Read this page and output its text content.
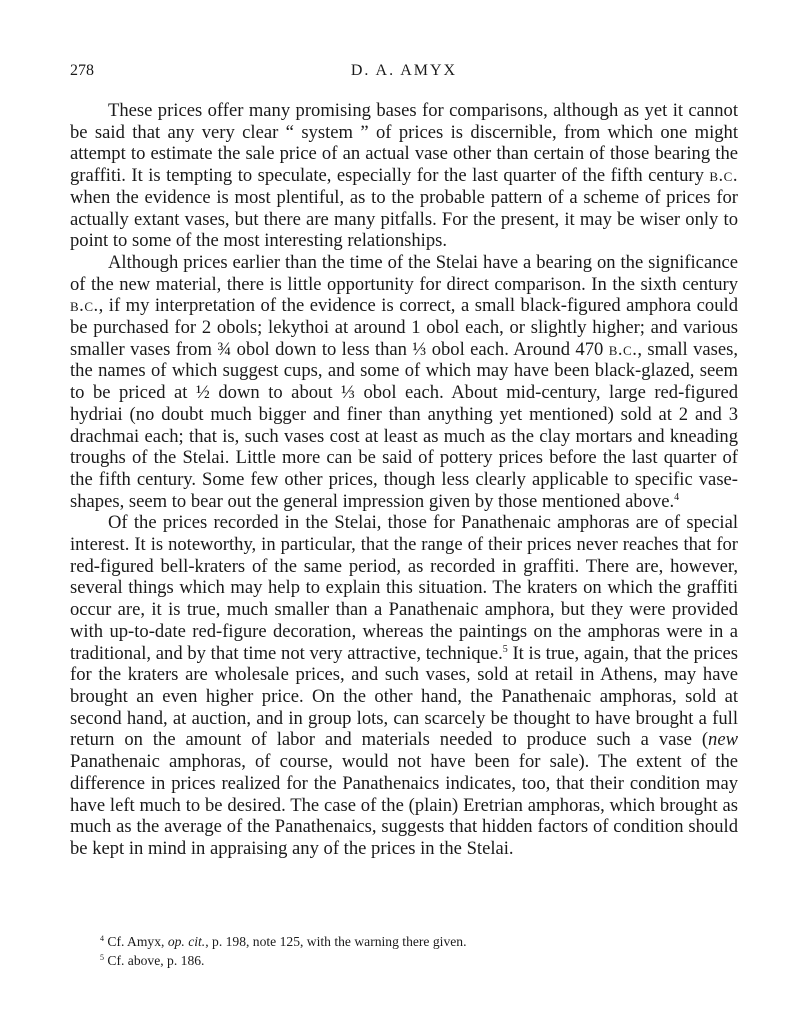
278	D. A. AMYX

These prices offer many promising bases for comparisons, although as yet it cannot be said that any very clear “ system ” of prices is discernible, from which one might attempt to estimate the sale price of an actual vase other than certain of those bearing the graffiti. It is tempting to speculate, especially for the last quarter of the fifth century b.c. when the evidence is most plentiful, as to the probable pattern of a scheme of prices for actually extant vases, but there are many pitfalls. For the present, it may be wiser only to point to some of the most interesting relationships.

Although prices earlier than the time of the Stelai have a bearing on the significance of the new material, there is little opportunity for direct comparison. In the sixth century b.c., if my interpretation of the evidence is correct, a small black-figured amphora could be purchased for 2 obols; lekythoi at around 1 obol each, or slightly higher; and various smaller vases from ¾ obol down to less than ⅓ obol each. Around 470 b.c., small vases, the names of which suggest cups, and some of which may have been black-glazed, seem to be priced at ½ down to about ⅓ obol each. About mid-century, large red-figured hydriai (no doubt much bigger and finer than anything yet mentioned) sold at 2 and 3 drachmai each; that is, such vases cost at least as much as the clay mortars and kneading troughs of the Stelai. Little more can be said of pottery prices before the last quarter of the fifth century. Some few other prices, though less clearly applicable to specific vase-shapes, seem to bear out the general impression given by those mentioned above.$^4$

Of the prices recorded in the Stelai, those for Panathenaic amphoras are of special interest. It is noteworthy, in particular, that the range of their prices never reaches that for red-figured bell-kraters of the same period, as recorded in graffiti. There are, however, several things which may help to explain this situation. The kraters on which the graffiti occur are, it is true, much smaller than a Panathenaic amphora, but they were provided with up-to-date red-figure decoration, whereas the paintings on the amphoras were in a traditional, and by that time not very attractive, technique.$^5$ It is true, again, that the prices for the kraters are wholesale prices, and such vases, sold at retail in Athens, may have brought an even higher price. On the other hand, the Panathenaic amphoras, sold at second hand, at auction, and in group lots, can scarcely be thought to have brought a full return on the amount of labor and materials needed to produce such a vase (new Panathenaic amphoras, of course, would not have been for sale). The extent of the difference in prices realized for the Panathenaics indicates, too, that their condition may have left much to be desired. The case of the (plain) Eretrian amphoras, which brought as much as the average of the Panathenaics, suggests that hidden factors of condition should be kept in mind in appraising any of the prices in the Stelai.

$^4$ Cf. Amyx, op. cit., p. 198, note 125, with the warning there given.

$^5$ Cf. above, p. 186.
